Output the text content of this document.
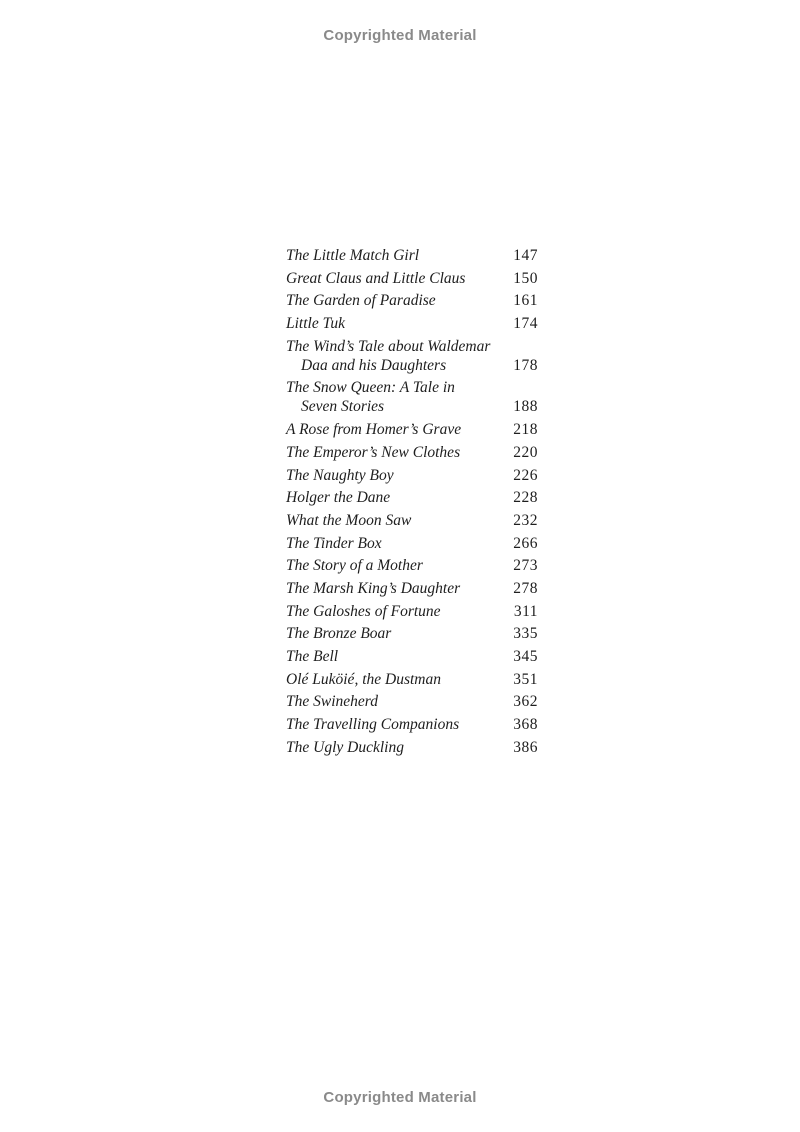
Copyrighted Material
The Little Match Girl	147
Great Claus and Little Claus	150
The Garden of Paradise	161
Little Tuk	174
The Wind’s Tale about Waldemar
Daa and his Daughters	178
The Snow Queen: A Tale in
Seven Stories	188
A Rose from Homer’s Grave	218
The Emperor’s New Clothes	220
The Naughty Boy	226
Holger the Dane	228
What the Moon Saw	232
The Tinder Box	266
The Story of a Mother	273
The Marsh King’s Daughter	278
The Galoshes of Fortune	311
The Bronze Boar	335
The Bell	345
Olé Luköié, the Dustman	351
The Swineherd	362
The Travelling Companions	368
The Ugly Duckling	386
Copyrighted Material
